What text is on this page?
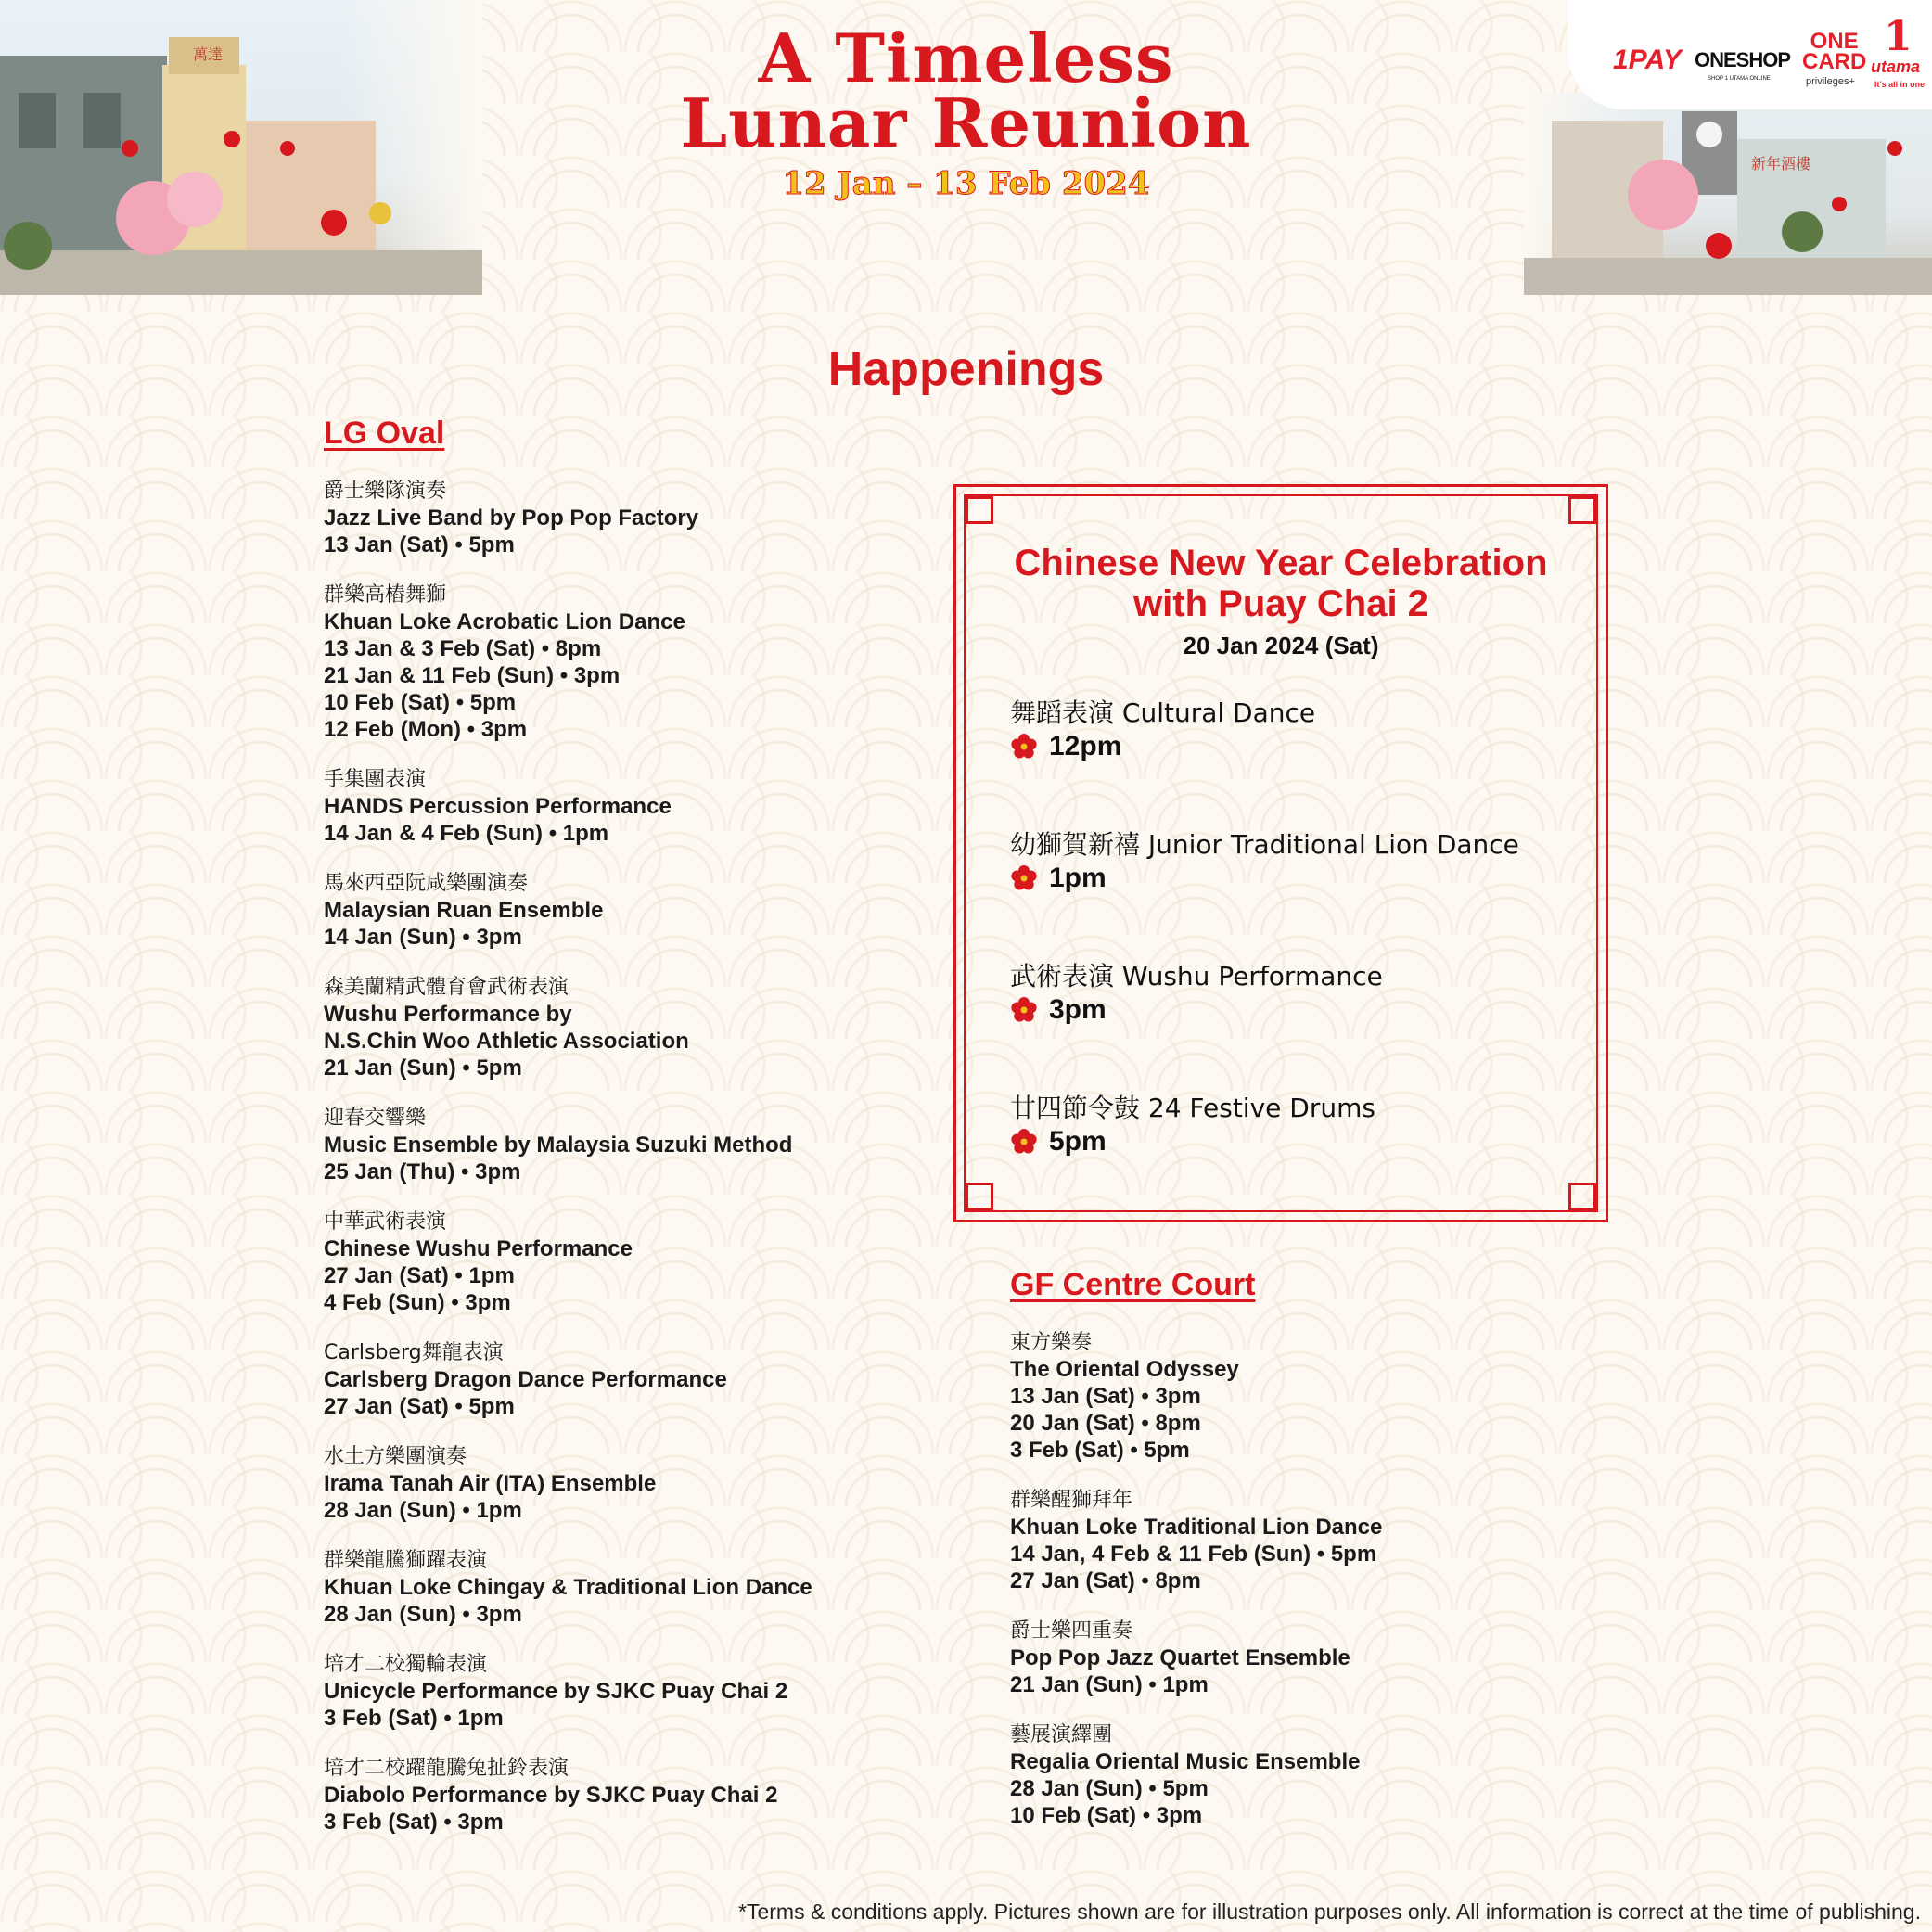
萬達
新年酒樓
A Timeless
Lunar Reunion
12 Jan – 13 Feb 2024
1PAY ONESHOP
SHOP 1 UTAMA ONLINE
ONE
CARD
privileges+
1
utama
It's all in one
Happenings
LG Oval
爵士樂隊演奏
Jazz Live Band by Pop Pop Factory
13 Jan (Sat) • 5pm
群樂高樁舞獅
Khuan Loke Acrobatic Lion Dance
13 Jan & 3 Feb (Sat) • 8pm
21 Jan & 11 Feb (Sun) • 3pm
10 Feb (Sat) • 5pm
12 Feb (Mon) • 3pm
手集團表演
HANDS Percussion Performance
14 Jan & 4 Feb (Sun) • 1pm
馬來西亞阮咸樂團演奏
Malaysian Ruan Ensemble
14 Jan (Sun) • 3pm
森美蘭精武體育會武術表演
Wushu Performance by
N.S.Chin Woo Athletic Association
21 Jan (Sun) • 5pm
迎春交響樂
Music Ensemble by Malaysia Suzuki Method
25 Jan (Thu) • 3pm
中華武術表演
Chinese Wushu Performance
27 Jan (Sat) • 1pm
4 Feb (Sun) • 3pm
Carlsberg舞龍表演
Carlsberg Dragon Dance Performance
27 Jan (Sat) • 5pm
水土方樂團演奏
Irama Tanah Air (ITA) Ensemble
28 Jan (Sun) • 1pm
群樂龍騰獅躍表演
Khuan Loke Chingay & Traditional Lion Dance
28 Jan (Sun) • 3pm
培才二校獨輪表演
Unicycle Performance by SJKC Puay Chai 2
3 Feb (Sat) • 1pm
培才二校躍龍騰兔扯鈴表演
Diabolo Performance by SJKC Puay Chai 2
3 Feb (Sat) • 3pm
Chinese New Year Celebration
with Puay Chai 2
20 Jan 2024 (Sat)
舞蹈表演 Cultural Dance
12pm
幼獅賀新禧 Junior Traditional Lion Dance
1pm
武術表演 Wushu Performance
3pm
廿四節令鼓 24 Festive Drums
5pm
GF Centre Court
東方樂奏
The Oriental Odyssey
13 Jan (Sat) • 3pm
20 Jan (Sat) • 8pm
3 Feb (Sat) • 5pm
群樂醒獅拜年
Khuan Loke Traditional Lion Dance
14 Jan, 4 Feb & 11 Feb (Sun) • 5pm
27 Jan (Sat) • 8pm
爵士樂四重奏
Pop Pop Jazz Quartet Ensemble
21 Jan (Sun) • 1pm
藝展演繹團
Regalia Oriental Music Ensemble
28 Jan (Sun) • 5pm
10 Feb (Sat) • 3pm
*Terms & conditions apply. Pictures shown are for illustration purposes only. All information is correct at the time of publishing.
